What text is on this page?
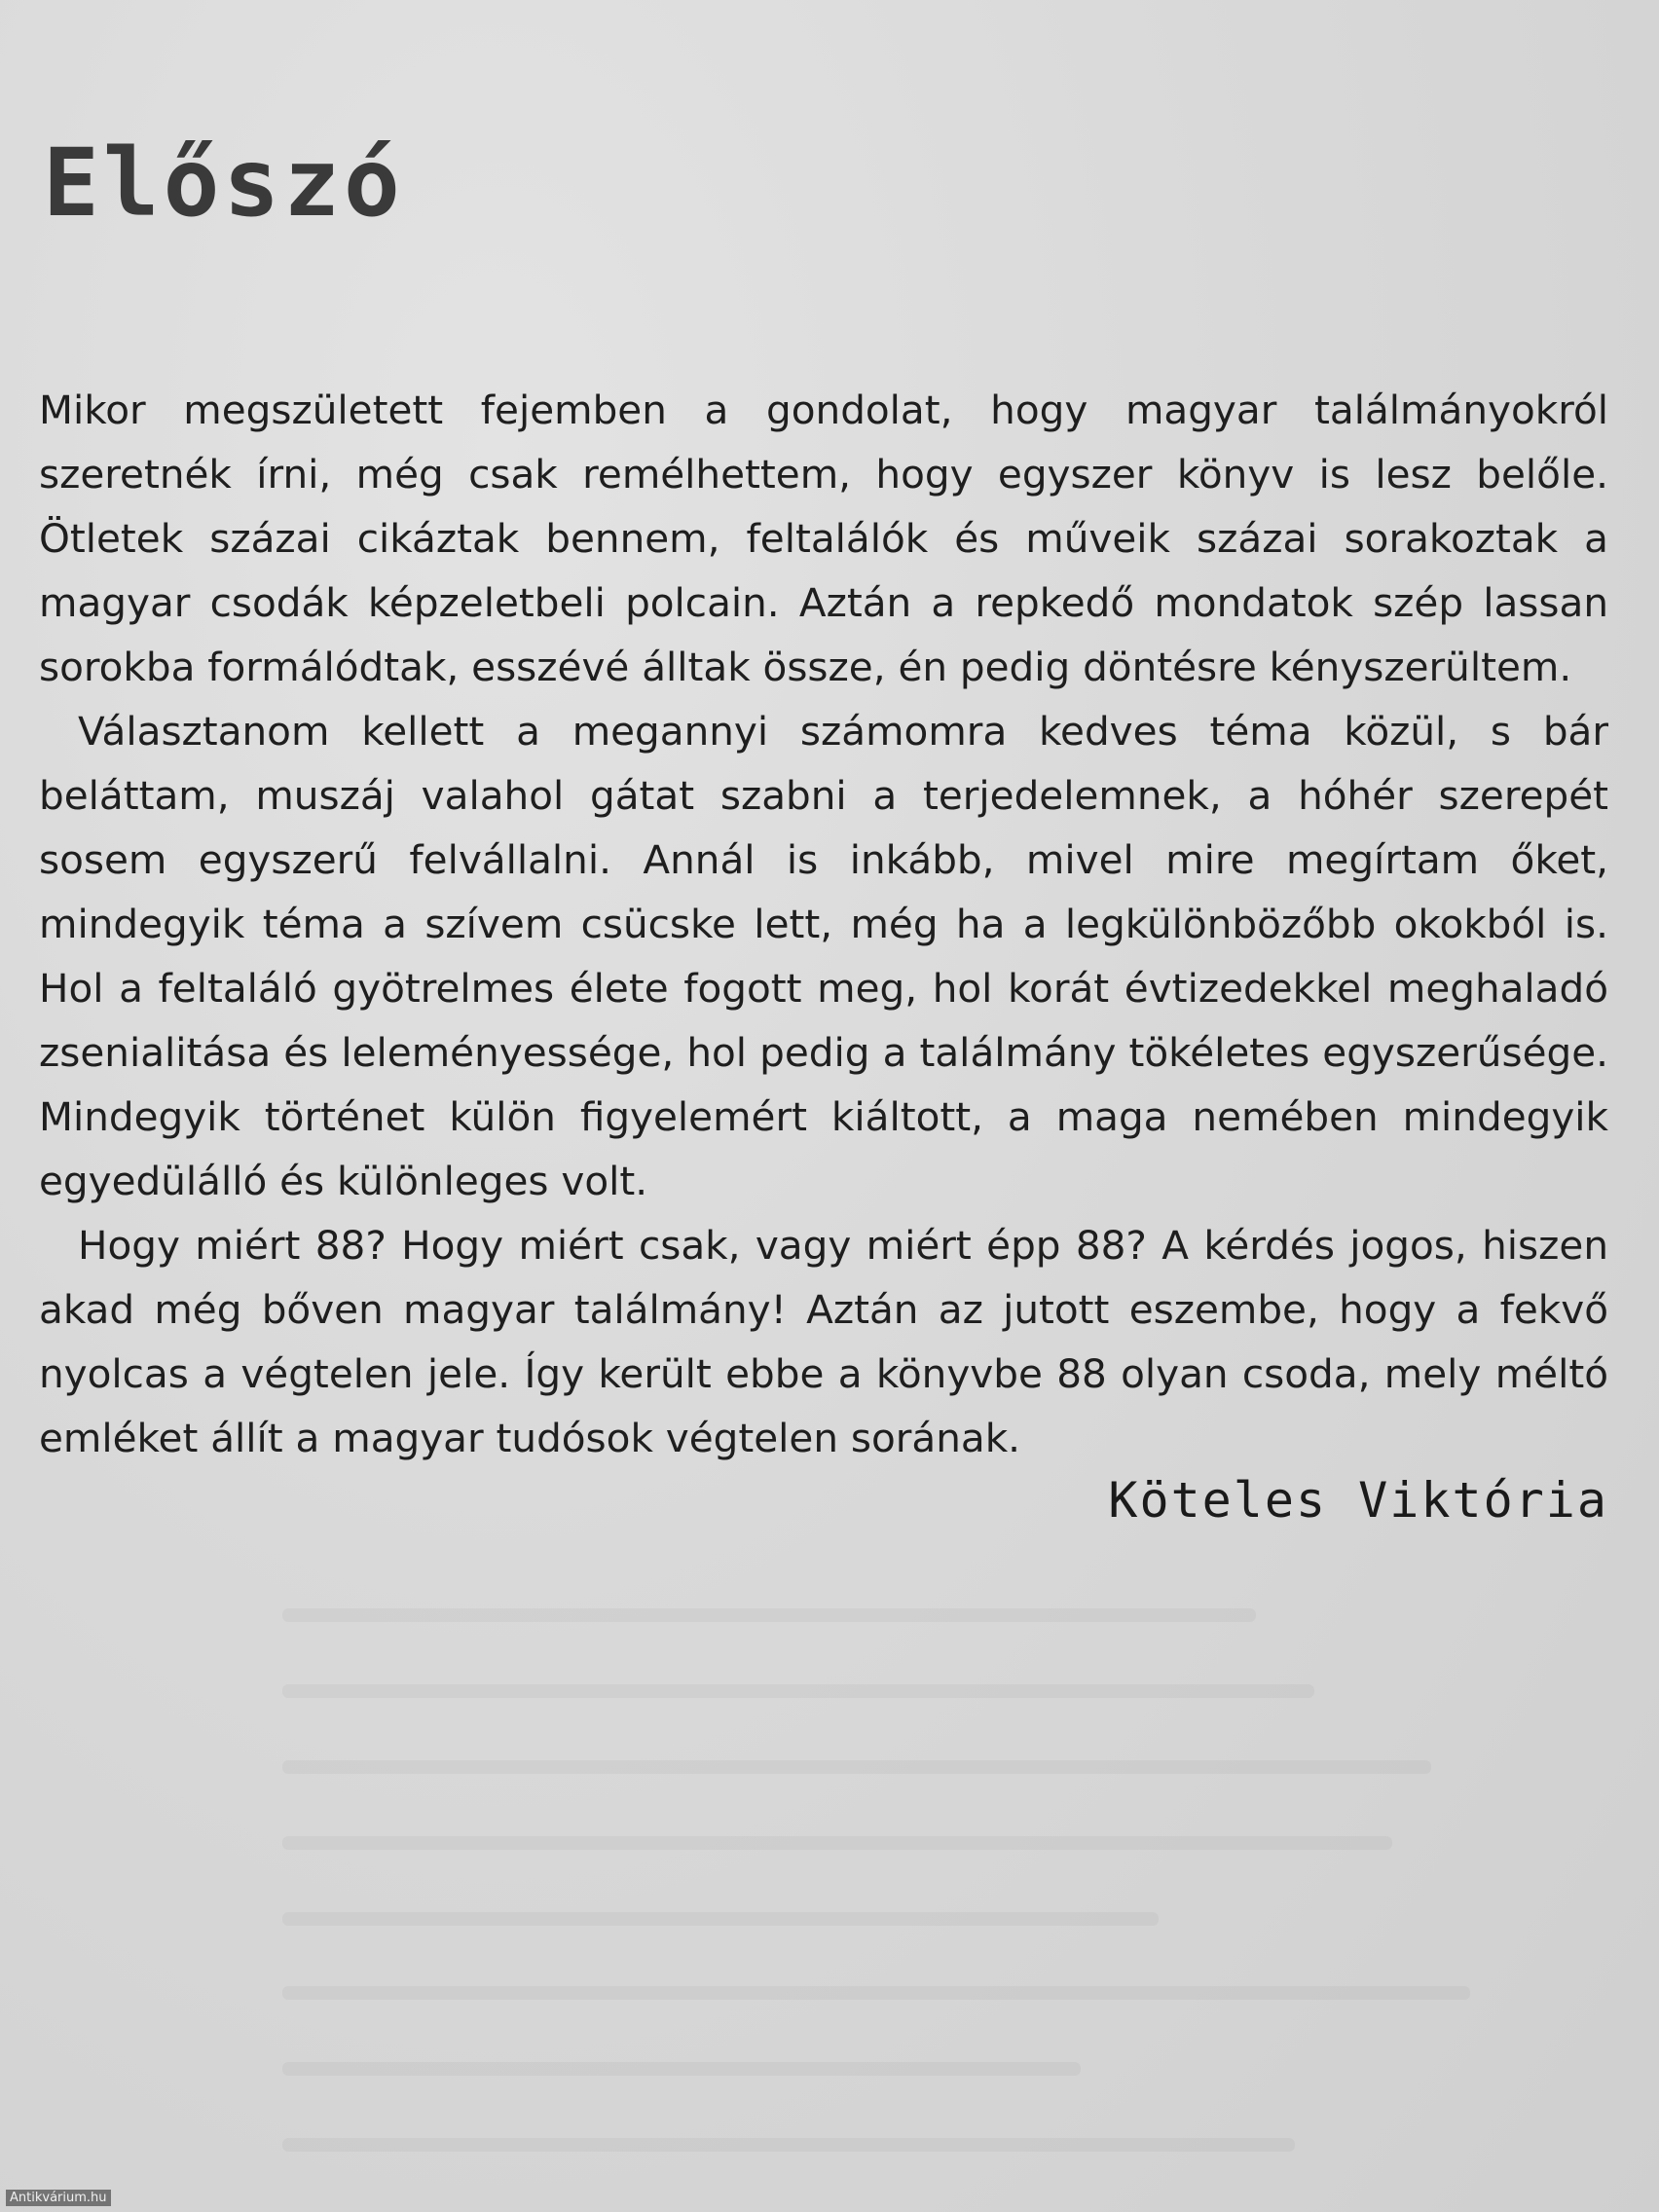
Előszó

Mikor megszületett fejemben a gondolat, hogy magyar találmányokról szeretnék írni, még csak remélhettem, hogy egyszer könyv is lesz belőle. Ötletek százai cikáztak bennem, feltalálók és műveik százai sorakoztak a magyar csodák képzeletbeli polcain. Aztán a repkedő mondatok szép lassan sorokba formálódtak, esszévé álltak össze, én pedig döntésre kényszerültem.

Választanom kellett a megannyi számomra kedves téma közül, s bár beláttam, muszáj valahol gátat szabni a terjedelemnek, a hóhér szerepét sosem egyszerű felvállalni. Annál is inkább, mivel mire megírtam őket, mindegyik téma a szívem csücske lett, még ha a legkülönbözőbb okokból is. Hol a feltaláló gyötrelmes élete fogott meg, hol korát évtizedekkel meghaladó zsenialitása és leleményessége, hol pedig a találmány tökéletes egyszerűsége. Mindegyik történet külön figyelemért kiáltott, a maga nemében mindegyik egyedülálló és különleges volt.

Hogy miért 88? Hogy miért csak, vagy miért épp 88? A kérdés jogos, hiszen akad még bőven magyar találmány! Aztán az jutott eszembe, hogy a fekvő nyolcas a végtelen jele. Így került ebbe a könyvbe 88 olyan csoda, mely méltó emléket állít a magyar tudósok végtelen sorának.

Köteles Viktória
Antikvárium.hu
